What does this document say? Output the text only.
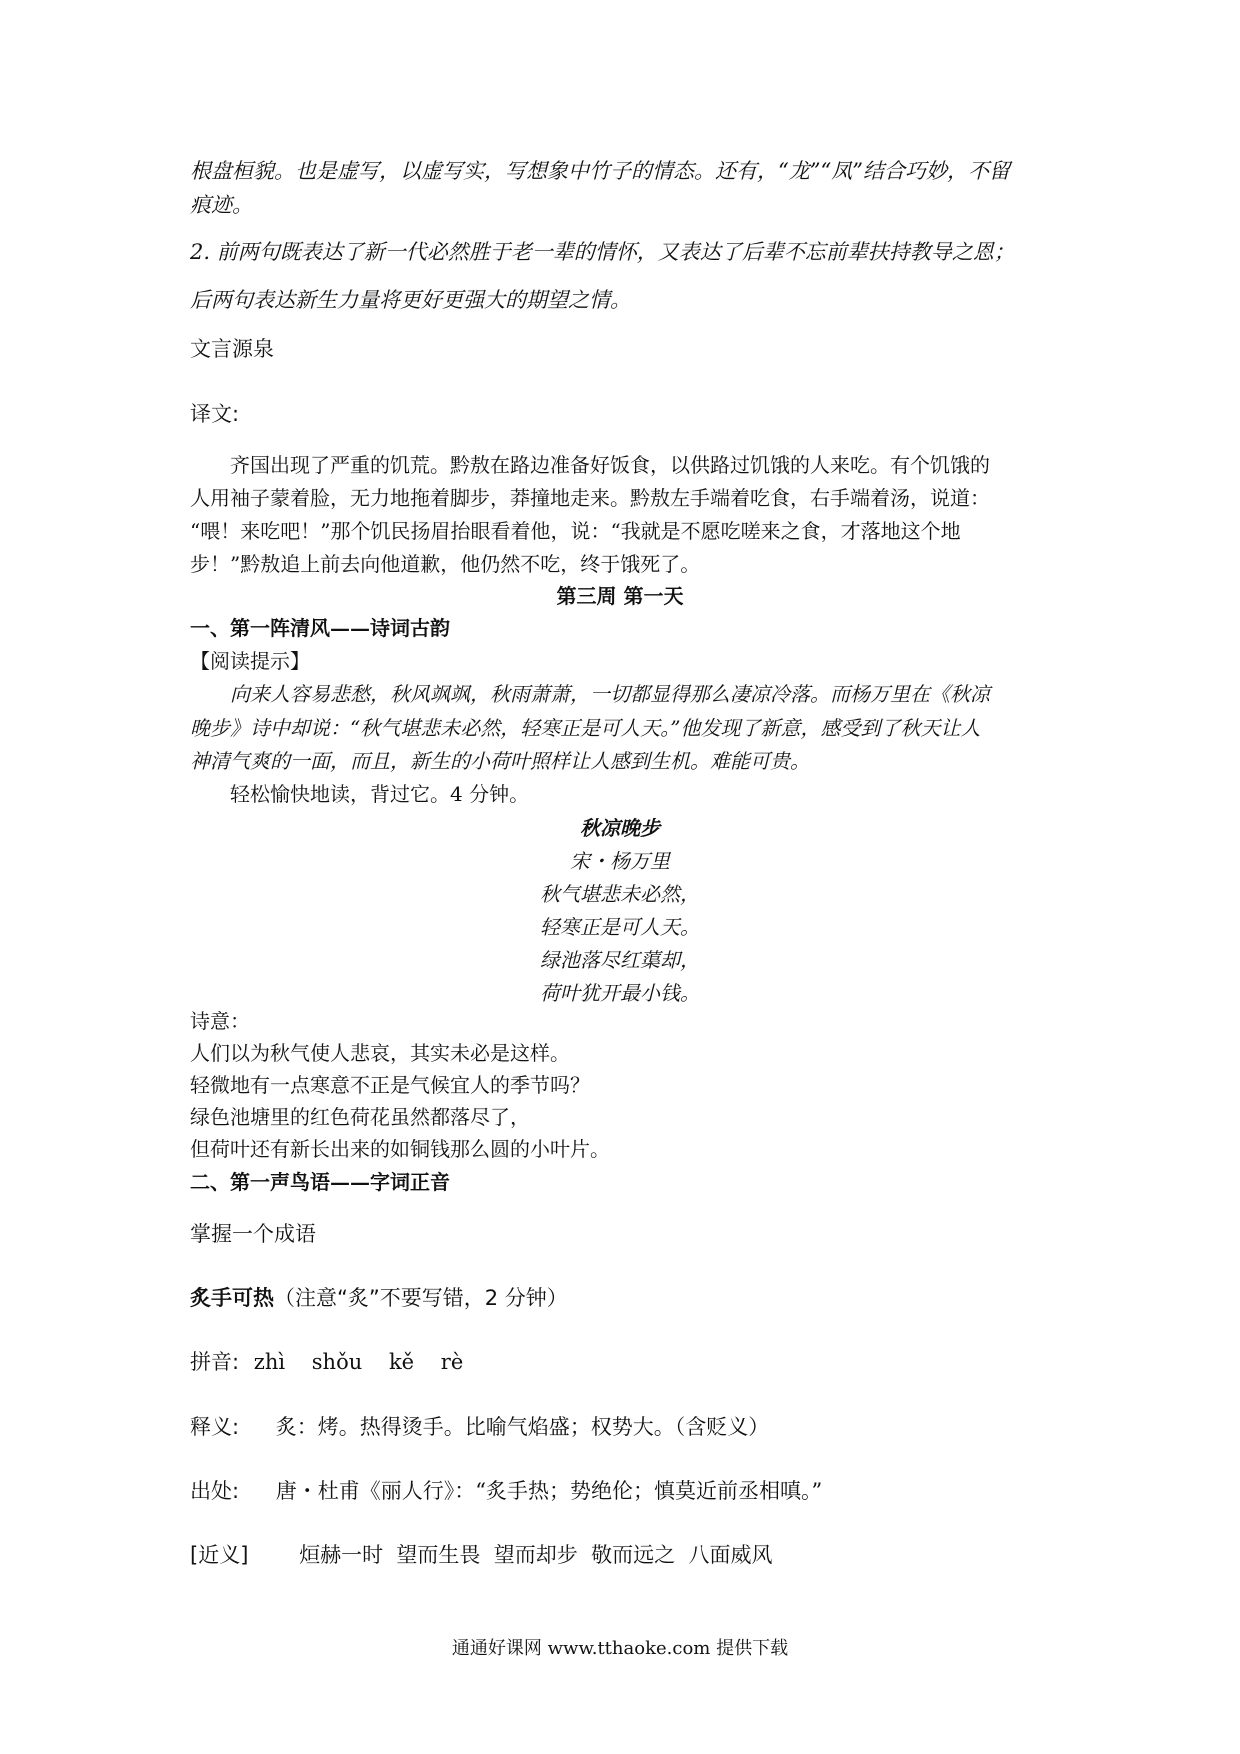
根盘桓貌。也是虚写，以虚写实，写想象中竹子的情态。还有，“龙”“凤”结合巧妙，不留
痕迹。
2. 前两句既表达了新一代必然胜于老一辈的情怀，又表达了后辈不忘前辈扶持教导之恩；
后两句表达新生力量将更好更强大的期望之情。
文言源泉
译文:
齐国出现了严重的饥荒。黔敖在路边准备好饭食，以供路过饥饿的人来吃。有个饥饿的
人用袖子蒙着脸，无力地拖着脚步，莽撞地走来。黔敖左手端着吃食，右手端着汤，说道：
“喂！来吃吧！”那个饥民扬眉抬眼看着他，说：“我就是不愿吃嗟来之食，才落地这个地
步！”黔敖追上前去向他道歉，他仍然不吃，终于饿死了。
第三周 第一天
一、第一阵清风——诗词古韵
【阅读提示】
向来人容易悲愁，秋风飒飒，秋雨萧萧，一切都显得那么凄凉冷落。而杨万里在《秋凉
晚步》诗中却说：“秋气堪悲未必然，轻寒正是可人天。”他发现了新意，感受到了秋天让人
神清气爽的一面，而且，新生的小荷叶照样让人感到生机。难能可贵。
轻松愉快地读，背过它。4 分钟。
秋凉晚步
宋・杨万里
秋气堪悲未必然，
轻寒正是可人天。
绿池落尽红蕖却，
荷叶犹开最小钱。
诗意：
人们以为秋气使人悲哀，其实未必是这样。
轻微地有一点寒意不正是气候宜人的季节吗？
绿色池塘里的红色荷花虽然都落尽了，
但荷叶还有新长出来的如铜钱那么圆的小叶片。
二、第一声鸟语——字词正音
掌握一个成语
炙手可热（注意“炙”不要写错，2 分钟）
拼音: zhì    shǒu    kě    rè
释义: 炙：烤。热得烫手。比喻气焰盛；权势大。（含贬义）
出处: 唐・杜甫《丽人行》：“炙手热；势绝伦；慎莫近前丞相嗔。”
[近义] 烜赫一时  望而生畏  望而却步  敬而远之  八面威风
通通好课网 www.tthaoke.com 提供下载
